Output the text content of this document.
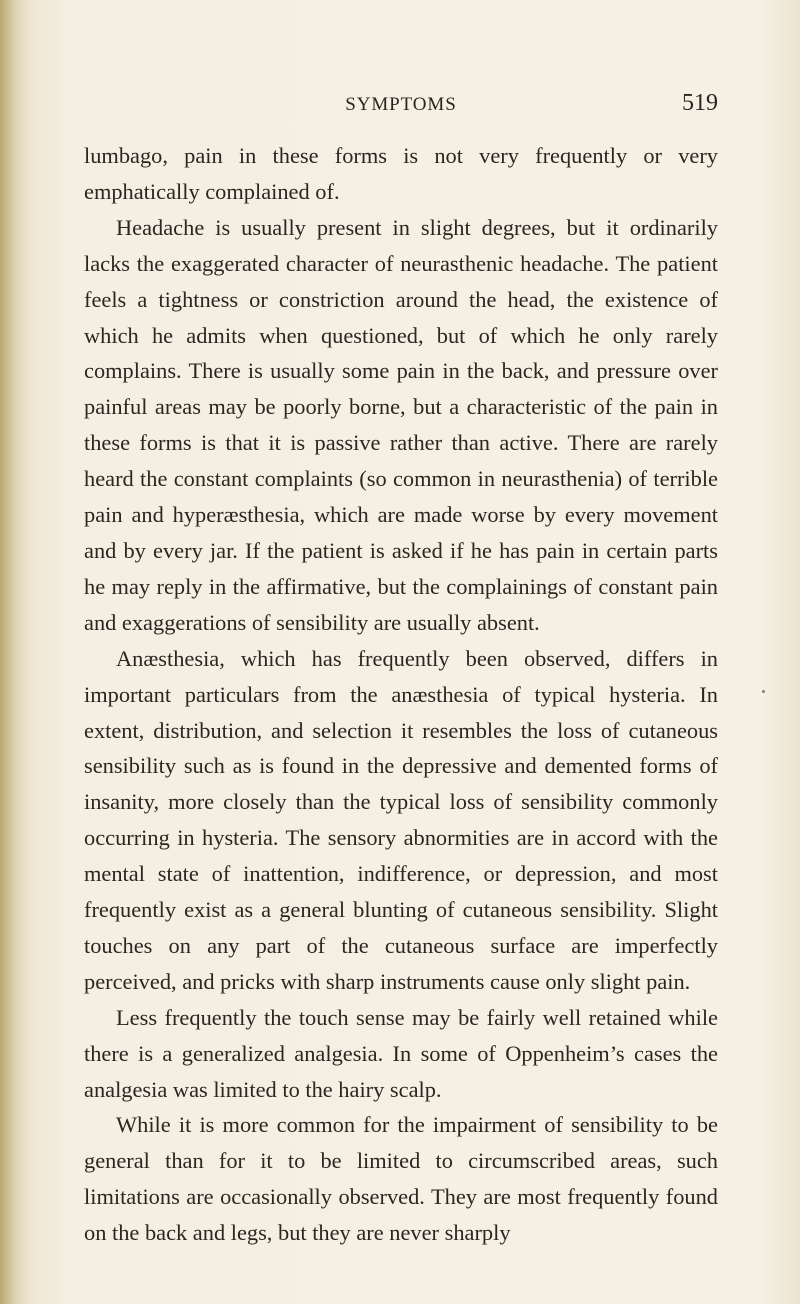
SYMPTOMS	519

lumbago, pain in these forms is not very frequently or very emphatically complained of.

Headache is usually present in slight degrees, but it ordinarily lacks the exaggerated character of neurasthenic headache. The patient feels a tightness or constriction around the head, the existence of which he admits when questioned, but of which he only rarely complains. There is usually some pain in the back, and pressure over painful areas may be poorly borne, but a characteristic of the pain in these forms is that it is passive rather than active. There are rarely heard the constant complaints (so common in neurasthenia) of terrible pain and hyperæsthesia, which are made worse by every movement and by every jar. If the patient is asked if he has pain in certain parts he may reply in the affirmative, but the complainings of constant pain and exaggerations of sensibility are usually absent.

Anæsthesia, which has frequently been observed, differs in important particulars from the anæsthesia of typical hysteria. In extent, distribution, and selection it resembles the loss of cutaneous sensibility such as is found in the depressive and demented forms of insanity, more closely than the typical loss of sensibility commonly occurring in hysteria. The sensory abnormities are in accord with the mental state of inattention, indifference, or depression, and most frequently exist as a general blunting of cutaneous sensibility. Slight touches on any part of the cutaneous surface are imperfectly perceived, and pricks with sharp instruments cause only slight pain.

Less frequently the touch sense may be fairly well retained while there is a generalized analgesia. In some of Oppenheim’s cases the analgesia was limited to the hairy scalp.

While it is more common for the impairment of sensibility to be general than for it to be limited to circumscribed areas, such limitations are occasionally observed. They are most frequently found on the back and legs, but they are never sharply
